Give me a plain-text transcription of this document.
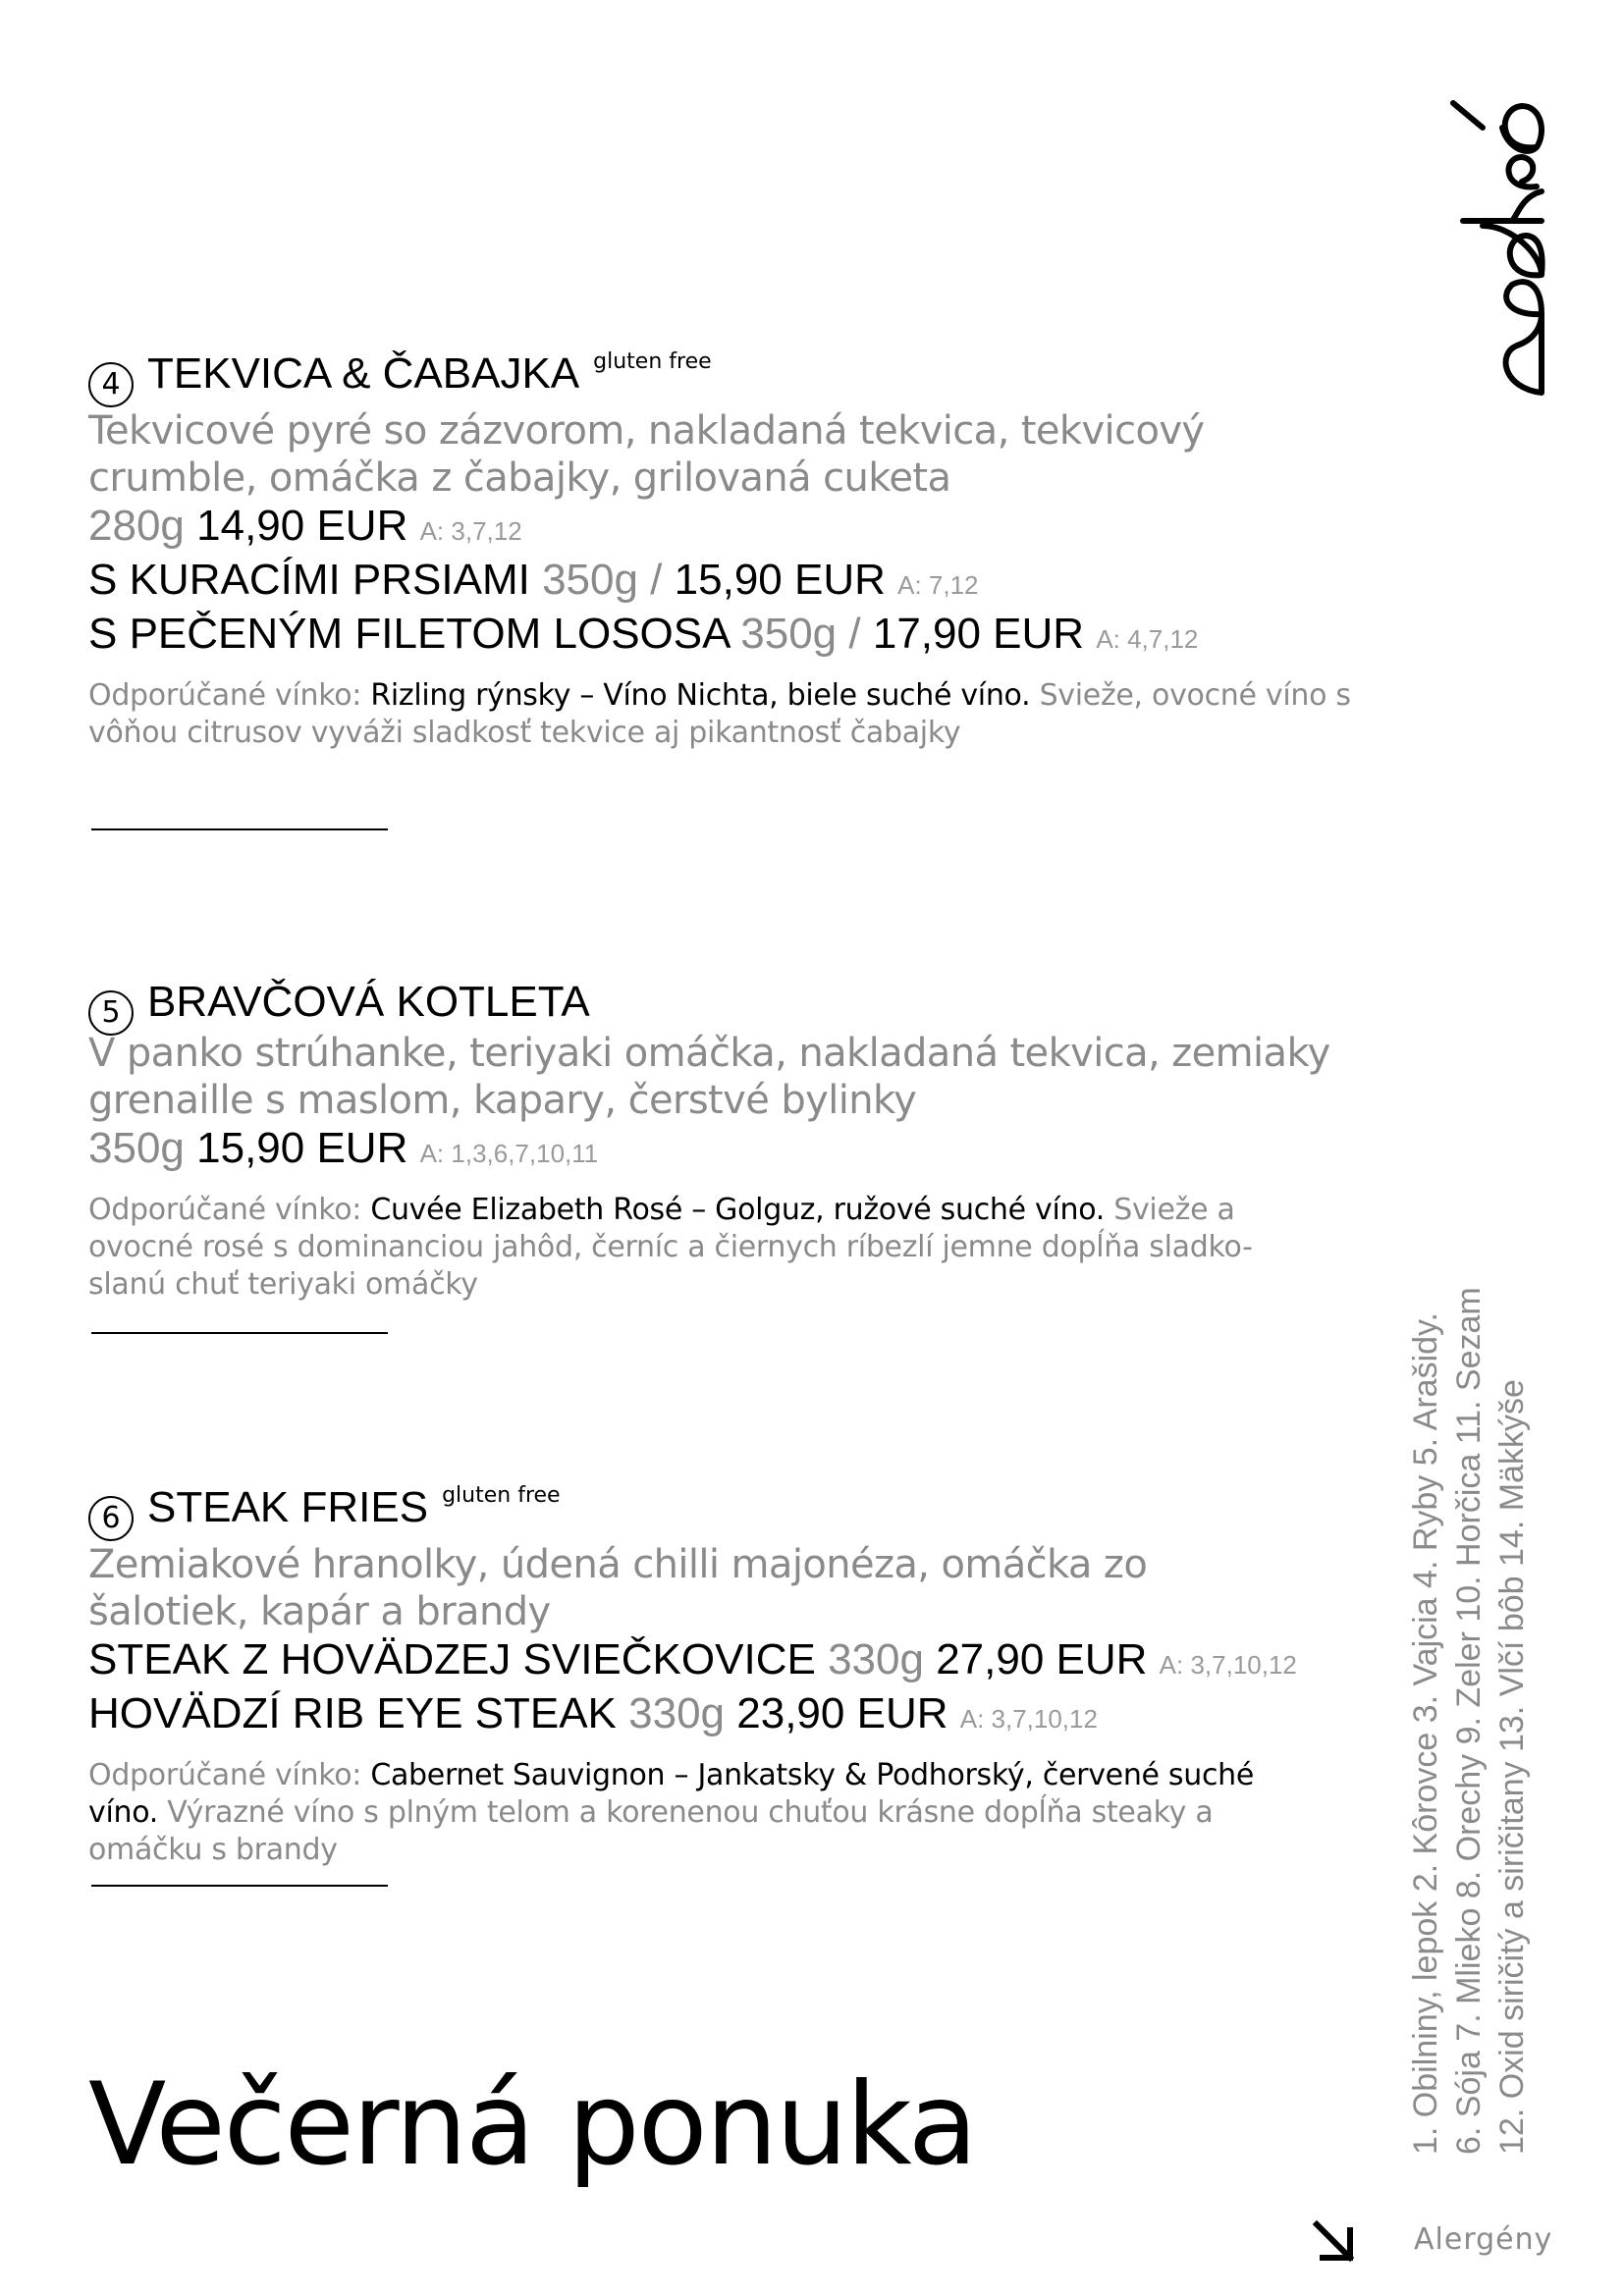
4 TEKVICA & ČABAJKA gluten free
Tekvicové pyré so zázvorom, nakladaná tekvica, tekvicový crumble, omáčka z čabajky, grilovaná cuketa
280g 14,90 EUR A: 3,7,12
S KURACÍMI PRSIAMI 350g / 15,90 EUR A: 7,12
S PEČENÝM FILETOM LOSOSA 350g / 17,90 EUR A: 4,7,12
Odporúčané vínko: Rizling rýnsky – Víno Nichta, biele suché víno. Svieže, ovocné víno s vôňou citrusov vyváži sladkosť tekvice aj pikantnosť čabajky
5 BRAVČOVÁ KOTLETA
V panko strúhanke, teriyaki omáčka, nakladaná tekvica, zemiaky grenaille s maslom, kapary, čerstvé bylinky
350g 15,90 EUR A: 1,3,6,7,10,11
Odporúčané vínko: Cuvée Elizabeth Rosé – Golguz, ružové suché víno. Svieže a ovocné rosé s dominanciou jahôd, černíc a čiernych ríbezlí jemne dopĺňa sladko-slanú chuť teriyaki omáčky
6 STEAK FRIES gluten free
Zemiakové hranolky, údená chilli majonéza, omáčka zo šalotiek, kapár a brandy
STEAK Z HOVÄDZEJ SVIEČKOVICE 330g 27,90 EUR A: 3,7,10,12
HOVÄDZÍ RIB EYE STEAK 330g 23,90 EUR A: 3,7,10,12
Odporúčané vínko: Cabernet Sauvignon – Jankatsky & Podhorský, červené suché víno. Výrazné víno s plným telom a korenenou chuťou krásne dopĺňa steaky a omáčku s brandy	1. Obilniny, lepok 2. Kôrovce 3. Vajcia 4. Ryby 5. Arašidy. 6. Sója 7. Mlieko 8. Orechy 9. Zeler 10. Horčica 11. Sezam 12. Oxid siričitý a siričitany 13. Vlčí bôb 14. Mäkkýše
Večerná ponuka
Alergény
